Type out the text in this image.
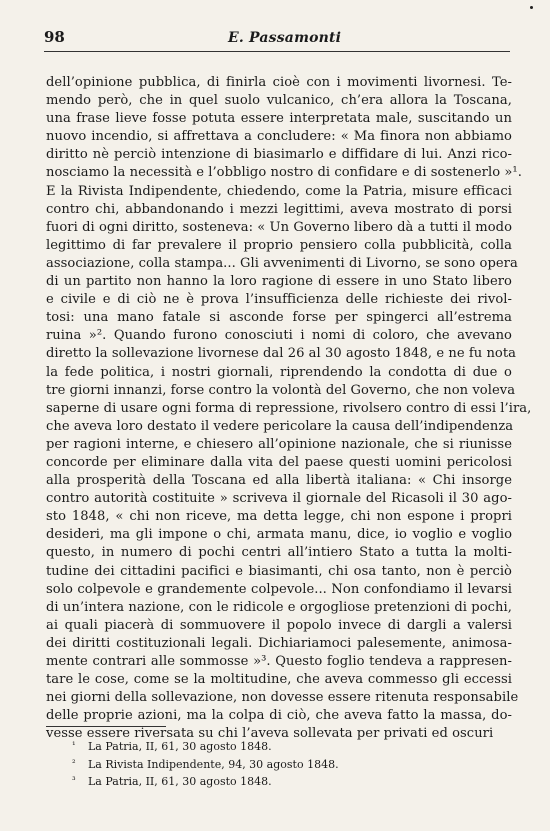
98	E. Passamonti
dell’opinione pubblica, di finirla cioè con i movimenti livornesi. Te-
mendo però, che in quel suolo vulcanico, ch’era allora la Toscana,
una frase lieve fosse potuta essere interpretata male, suscitando un
nuovo incendio, si affrettava a concludere: « Ma finora non abbiamo
diritto nè perciò intenzione di biasimarlo e diffidare di lui. Anzi rico-
nosciamo la necessità e l’obbligo nostro di confidare e di sostenerlo »¹.
E la Rivista Indipendente, chiedendo, come la Patria, misure efficaci
contro chi, abbandonando i mezzi legittimi, aveva mostrato di porsi
fuori di ogni diritto, sosteneva: « Un Governo libero dà a tutti il modo
legittimo di far prevalere il proprio pensiero colla pubblicità, colla
associazione, colla stampa... Gli avvenimenti di Livorno, se sono opera
di un partito non hanno la loro ragione di essere in uno Stato libero
e civile e di ciò ne è prova l’insufficienza delle richieste dei rivol-
tosi: una mano fatale si asconde forse per spingerci all’estrema
ruina »². Quando furono conosciuti i nomi di coloro, che avevano
diretto la sollevazione livornese dal 26 al 30 agosto 1848, e ne fu nota
la fede politica, i nostri giornali, riprendendo la condotta di due o
tre giorni innanzi, forse contro la volontà del Governo, che non voleva
saperne di usare ogni forma di repressione, rivolsero contro di essi l’ira,
che aveva loro destato il vedere pericolare la causa dell’indipendenza
per ragioni interne, e chiesero all’opinione nazionale, che si riunisse
concorde per eliminare dalla vita del paese questi uomini pericolosi
alla prosperità della Toscana ed alla libertà italiana: « Chi insorge
contro autorità costituite » scriveva il giornale del Ricasoli il 30 ago-
sto 1848, « chi non riceve, ma detta legge, chi non espone i propri
desideri, ma gli impone o chi, armata manu, dice, io voglio e voglio
questo, in numero di pochi centri all’intiero Stato a tutta la molti-
tudine dei cittadini pacifici e biasimanti, chi osa tanto, non è perciò
solo colpevole e grandemente colpevole... Non confondiamo il levarsi
di un’intera nazione, con le ridicole e orgogliose pretenzioni di pochi,
ai quali piacerà di sommuovere il popolo invece di dargli a valersi
dei diritti costituzionali legali. Dichiariamoci palesemente, animosa-
mente contrari alle sommosse »³. Questo foglio tendeva a rappresen-
tare le cose, come se la moltitudine, che aveva commesso gli eccessi
nei giorni della sollevazione, non dovesse essere ritenuta responsabile
delle proprie azioni, ma la colpa di ciò, che aveva fatto la massa, do-
vesse essere riversata su chi l’aveva sollevata per privati ed oscuri
¹ La Patria, II, 61, 30 agosto 1848.
² La Rivista Indipendente, 94, 30 agosto 1848.
³ La Patria, II, 61, 30 agosto 1848.
